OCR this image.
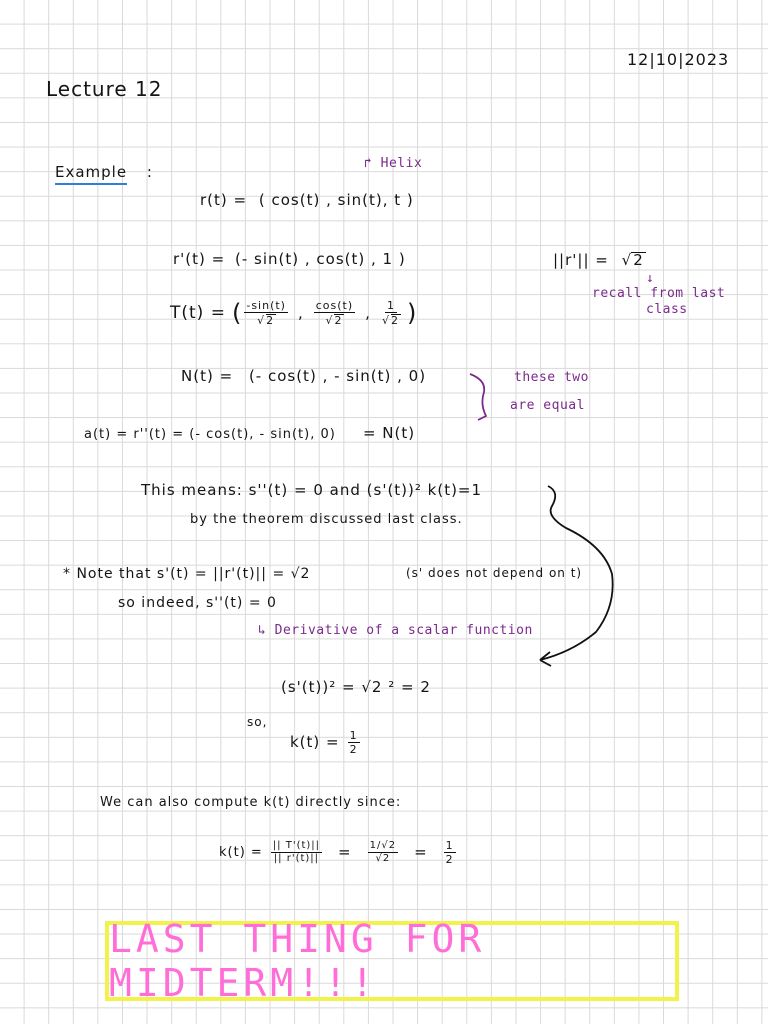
12|10|2023
Lecture 12
Example :	↱ Helix
r(t) = ( cos(t) , sin(t), t )
r'(t) = (- sin(t) , cos(t) , 1 )	||r'|| = √ 2
↓
recall from last
class
T(t) = ( -sin(t)
√ 2 , cos(t)
√ 2 , 1
√ 2 )
N(t) = (- cos(t) , - sin(t) , 0)	these two
are equal
a(t) = r''(t) = (- cos(t), - sin(t), 0) = N(t)
This means: s''(t) = 0 and (s'(t))² k(t)=1
by the theorem discussed last class.
* Note that s'(t) = ||r'(t)|| = √2	(s' does not depend on t)
so indeed, s''(t) = 0
↳ Derivative of a scalar function
(s'(t))² = √2 ² = 2
so,
$k(t) = \frac{1}{2}$
We can also compute k(t) directly since:
$k(t) = \frac{|| T'(t)||}{|| r'(t)||} = \frac{1/√2}{√2} = \frac{1}{2}$
LAST THING FOR MIDTERM!!!
